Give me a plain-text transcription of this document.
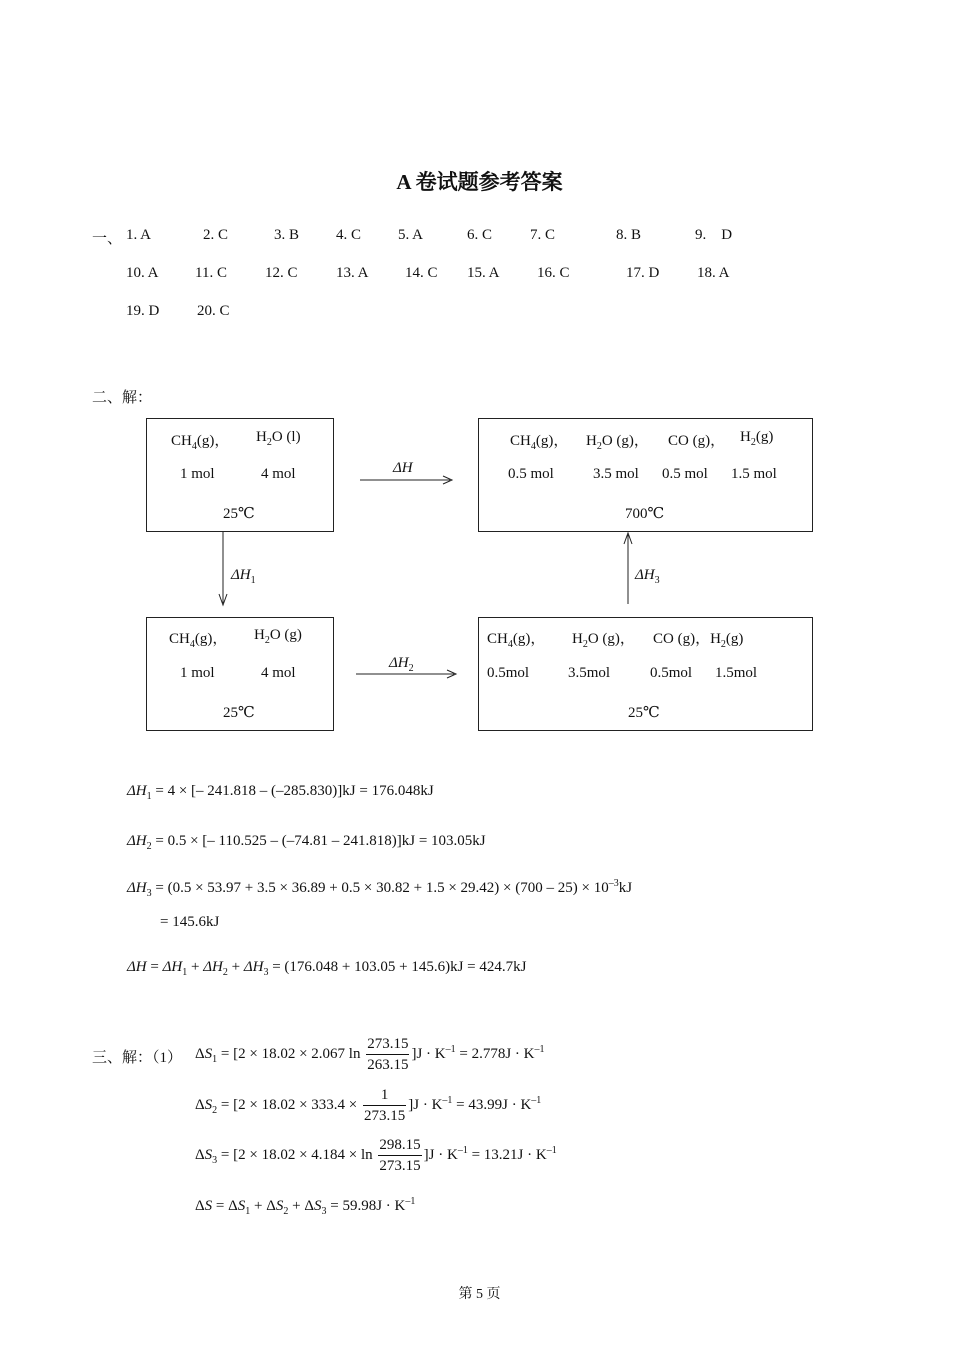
A 卷试题参考答案
一、 1. A	2. C	3. B 4. C 5. A	6. C	7. C	8. B	9.    D
10. A 11. C	12. C	13. A 14. C 15. A 16. C	17. D	18. A
19. D	20. C
二、解：
$CH_4(g)$， $H_2O$ (l)
1 mol	4 mol
25℃
$CH_4(g)$， $H_2O$ (g)， CO (g)， $H_2(g)$
0.5 mol	3.5 mol 0.5 mol 1.5 mol
700℃
$CH_4(g)$， $H_2O$ (g)
1 mol	4 mol
25℃
$CH_4(g)$， $H_2O$ (g)， CO (g)，$H_2(g)$
0.5mol	3.5mol	0.5mol 1.5mol
25℃
ΔH
$\Delta H_2$
$\Delta H_1$	$\Delta H_3$
$\Delta H_1 = 4$ × [– 241.818 – (–285.830)]kJ = 176.048kJ
$\Delta H_2 = 0.5$ × [– 110.525 – (–74.81 – 241.818)]kJ = 103.05kJ
$\Delta H_3 = (0.5 \times 53.97 + 3.5 \times 36.89 + 0.5 \times 30.82 + 1.5 \times 29.42) \times (700 - 25) \times 10^{-3}kJ$
= 145.6kJ
$\Delta H = \Delta H_1 + \Delta H_2 + \Delta H_3 = (176.048 + 103.05 + 145.6)kJ = 424.7kJ$
三、解：（1） $\Delta S_1 = [2 \times 18.02 \times 2.067$ $\ln \frac{273.15}{263.15} ]J \cdot K^{-1} = 2.778J \cdot K^{-1}$
$\Delta S_2 = [2 \times 18.02 \times 333.4 \times \frac{1}{273.15} ]J \cdot K^{-1} = 43.99J \cdot K^{-1}$
$\Delta S_3 = [2 \times 18.02 \times 4.184 \times \ln \frac{298.15}{273.15} ]J \cdot K^{-1} = 13.21J \cdot K^{-1}$
$\Delta S = \Delta S_1 + \Delta S_2 + \Delta S_3 = 59.98J \cdot K^{-1}$
第 5 页
